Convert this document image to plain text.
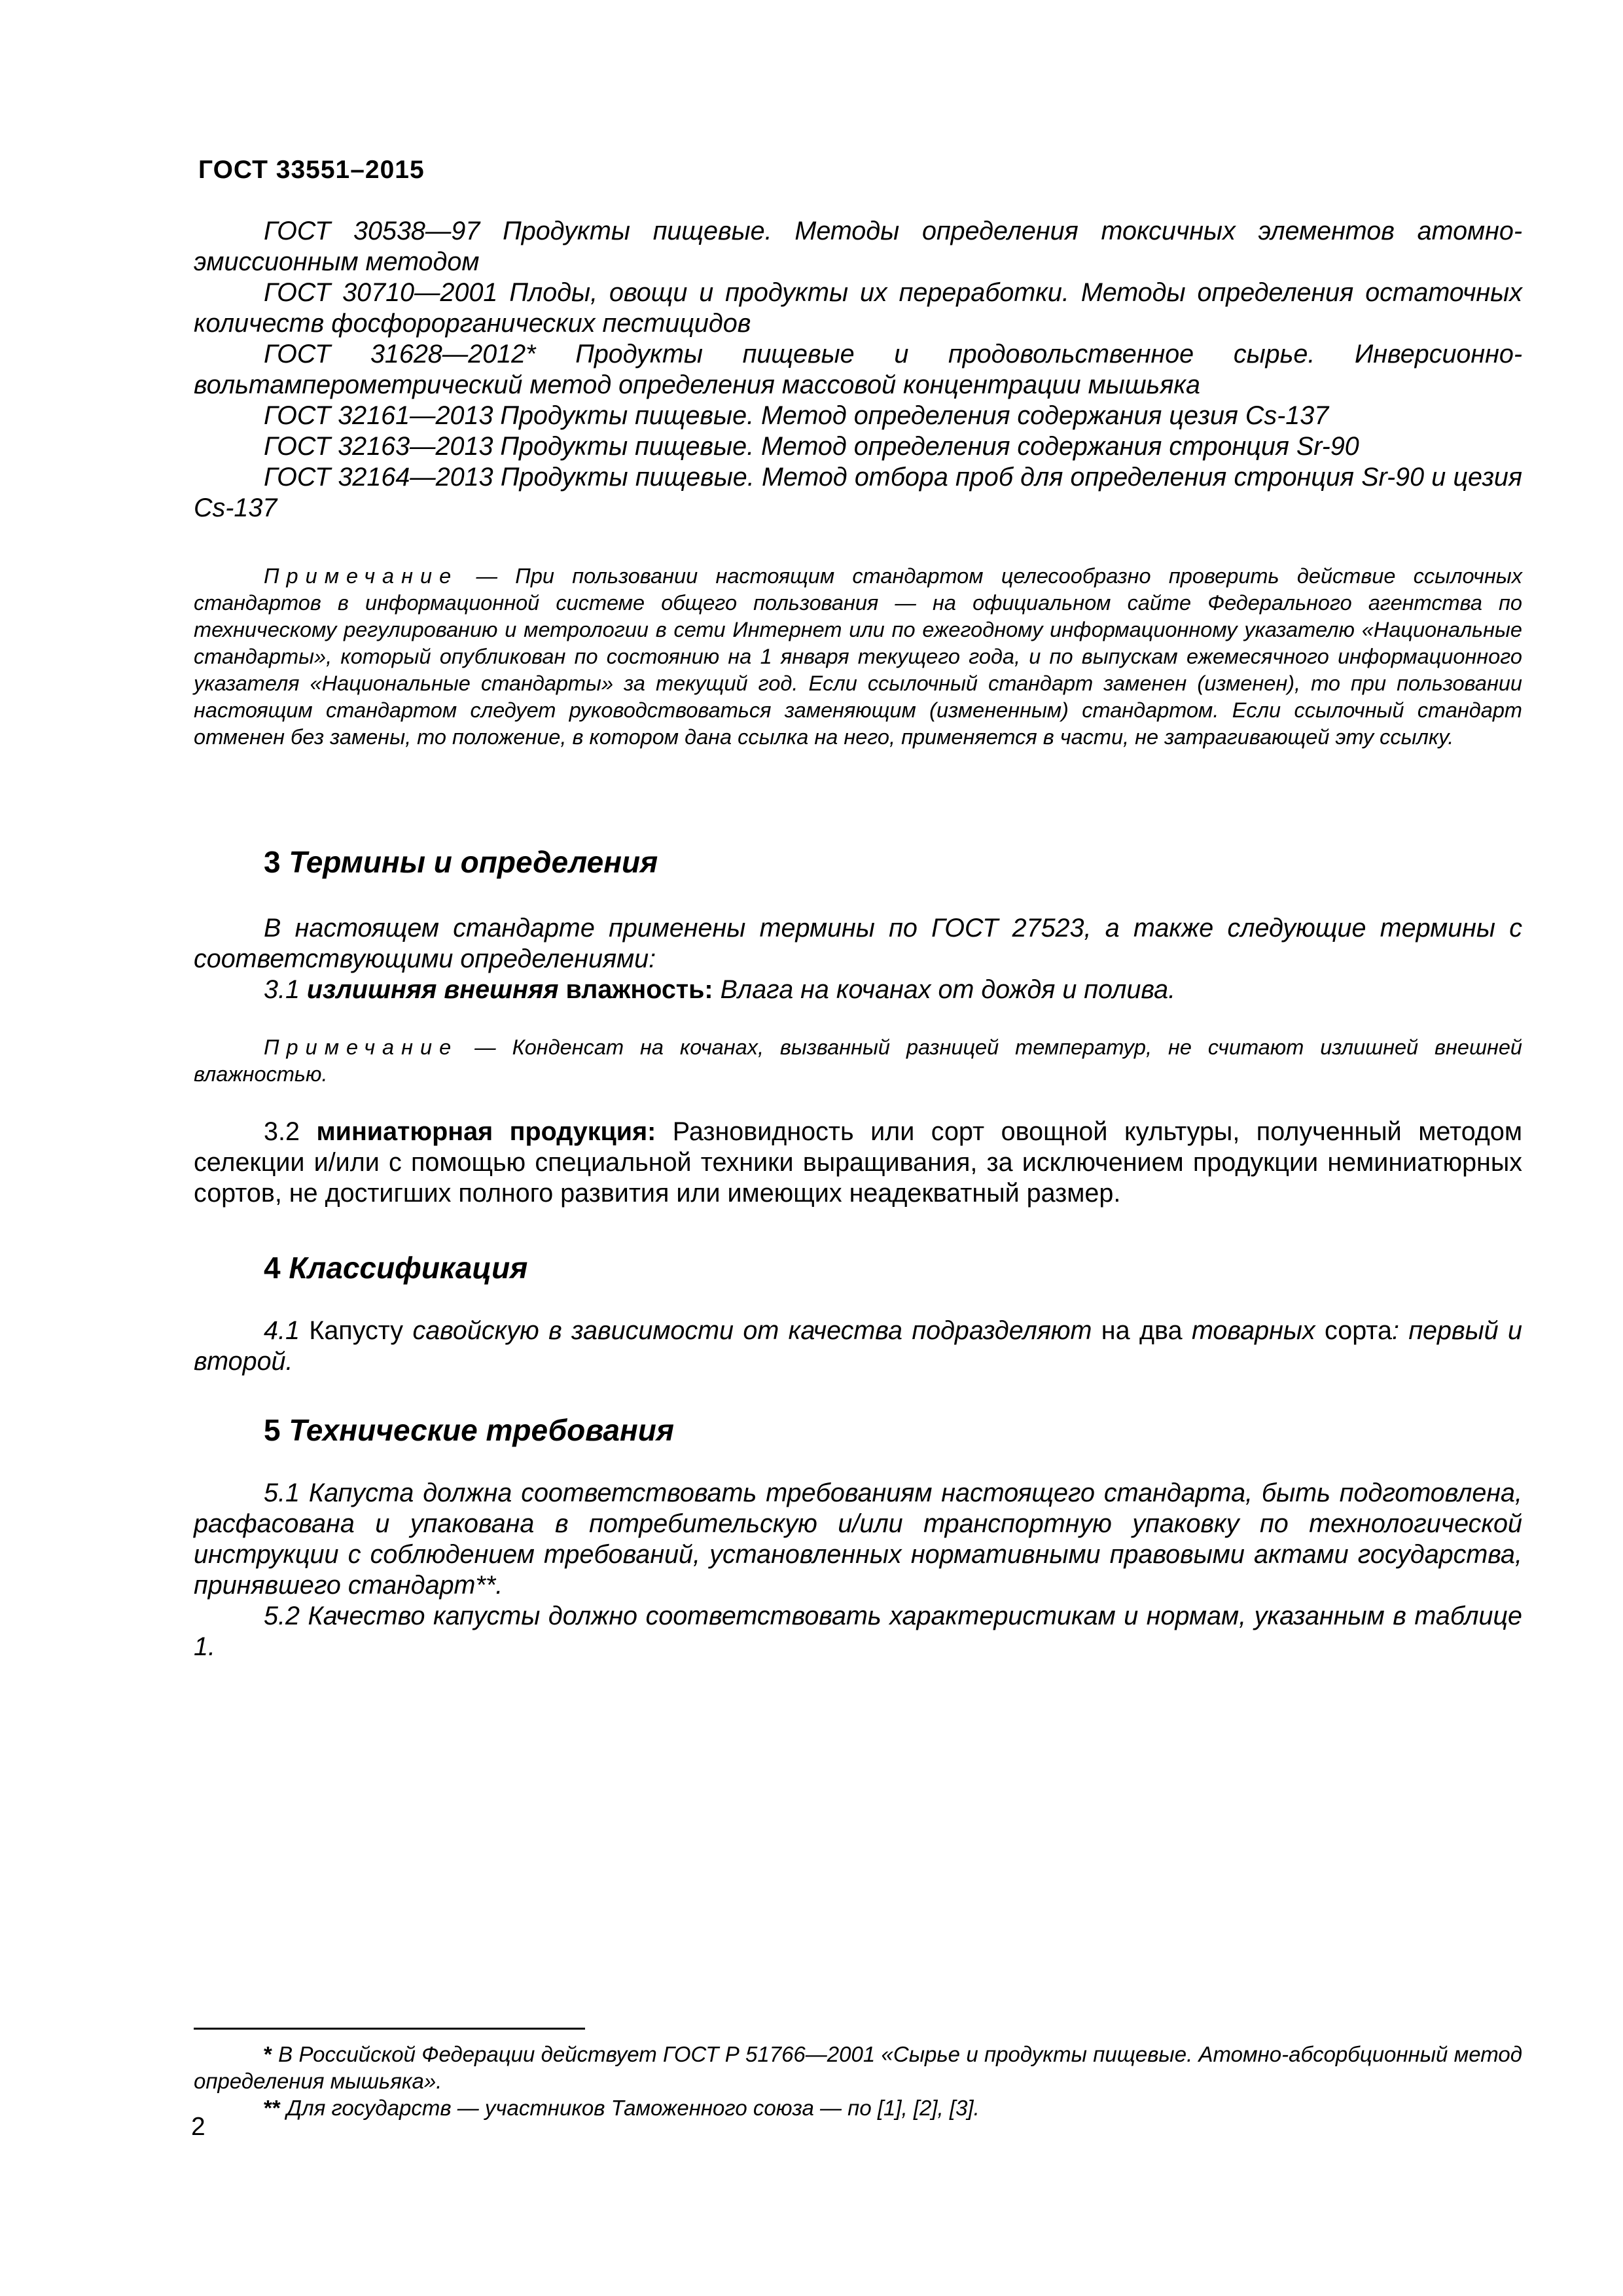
ГОСТ 33551–2015

ГОСТ 30538—97 Продукты пищевые. Методы определения токсичных элементов атомно-эмиссионным методом

ГОСТ 30710—2001 Плоды, овощи и продукты их переработки. Методы определения остаточных количеств фосфорорганических пестицидов

ГОСТ 31628—2012* Продукты пищевые и продовольственное сырье. Инверсионно-вольтамперометрический метод определения массовой концентрации мышьяка

ГОСТ 32161—2013 Продукты пищевые. Метод определения содержания цезия Cs-137

ГОСТ 32163—2013 Продукты пищевые. Метод определения содержания стронция Sr-90

ГОСТ 32164—2013 Продукты пищевые. Метод отбора проб для определения стронция Sr-90 и цезия Cs-137

Примечание — При пользовании настоящим стандартом целесообразно проверить действие ссылочных стандартов в информационной системе общего пользования — на официальном сайте Федерального агентства по техническому регулированию и метрологии в сети Интернет или по ежегодному информационному указателю «Национальные стандарты», который опубликован по состоянию на 1 января текущего года, и по выпускам ежемесячного информационного указателя «Национальные стандарты» за текущий год. Если ссылочный стандарт заменен (изменен), то при пользовании настоящим стандартом следует руководствоваться заменяющим (измененным) стандартом. Если ссылочный стандарт отменен без замены, то положение, в котором дана ссылка на него, применяется в части, не затрагивающей эту ссылку.

3 Термины и определения

В настоящем стандарте применены термины по ГОСТ 27523, а также следующие термины с соответствующими определениями:

3.1 излишняя внешняя влажность: Влага на кочанах от дождя и полива.

Примечание — Конденсат на кочанах, вызванный разницей температур, не считают излишней внешней влажностью.

3.2 миниатюрная продукция: Разновидность или сорт овощной культуры, полученный методом селекции и/или с помощью специальной техники выращивания, за исключением продукции неминиатюрных сортов, не достигших полного развития или имеющих неадекватный размер.

4 Классификация

4.1 Капусту савойскую в зависимости от качества подразделяют на два товарных сорта: первый и второй.

5 Технические требования

5.1 Капуста должна соответствовать требованиям настоящего стандарта, быть подготовлена, расфасована и упакована в потребительскую и/или транспортную упаковку по технологической инструкции с соблюдением требований, установленных нормативными правовыми актами государства, принявшего стандарт**.

5.2 Качество капусты должно соответствовать характеристикам и нормам, указанным в таблице 1.

* В Российской Федерации действует ГОСТ Р 51766—2001 «Сырье и продукты пищевые. Атомно-абсорбционный метод определения мышьяка».

** Для государств — участников Таможенного союза — по [1], [2], [3].

2
